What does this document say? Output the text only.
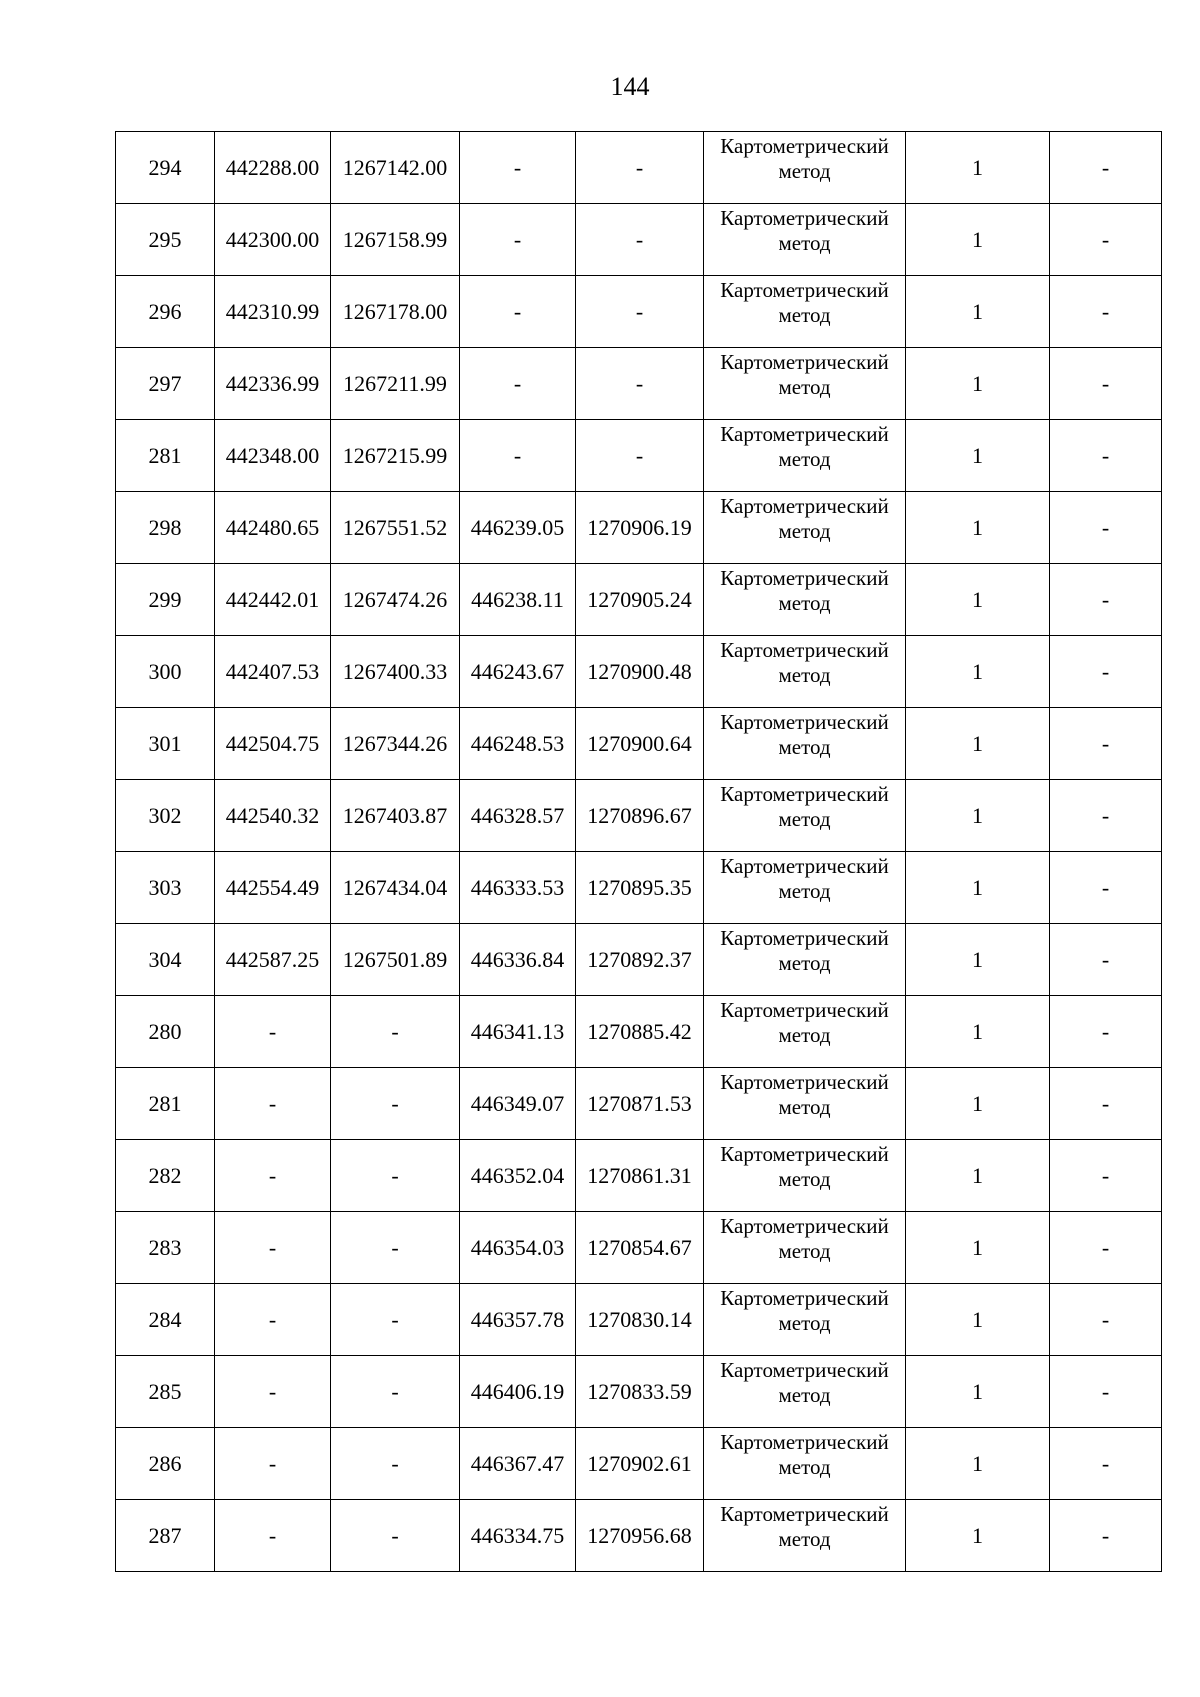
144
294	442288.00	1267142.00	-	-	Картометрический
метод	1	-
295	442300.00	1267158.99	-	-	Картометрический
метод	1	-
296	442310.99	1267178.00	-	-	Картометрический
метод	1	-
297	442336.99	1267211.99	-	-	Картометрический
метод	1	-
281	442348.00	1267215.99	-	-	Картометрический
метод	1	-
298	442480.65	1267551.52	446239.05	1270906.19	Картометрический
метод	1	-
299	442442.01	1267474.26	446238.11	1270905.24	Картометрический
метод	1	-
300	442407.53	1267400.33	446243.67	1270900.48	Картометрический
метод	1	-
301	442504.75	1267344.26	446248.53	1270900.64	Картометрический
метод	1	-
302	442540.32	1267403.87	446328.57	1270896.67	Картометрический
метод	1	-
303	442554.49	1267434.04	446333.53	1270895.35	Картометрический
метод	1	-
304	442587.25	1267501.89	446336.84	1270892.37	Картометрический
метод	1	-
280	-	-	446341.13	1270885.42	Картометрический
метод	1	-
281	-	-	446349.07	1270871.53	Картометрический
метод	1	-
282	-	-	446352.04	1270861.31	Картометрический
метод	1	-
283	-	-	446354.03	1270854.67	Картометрический
метод	1	-
284	-	-	446357.78	1270830.14	Картометрический
метод	1	-
285	-	-	446406.19	1270833.59	Картометрический
метод	1	-
286	-	-	446367.47	1270902.61	Картометрический
метод	1	-
287	-	-	446334.75	1270956.68	Картометрический
метод	1	-
